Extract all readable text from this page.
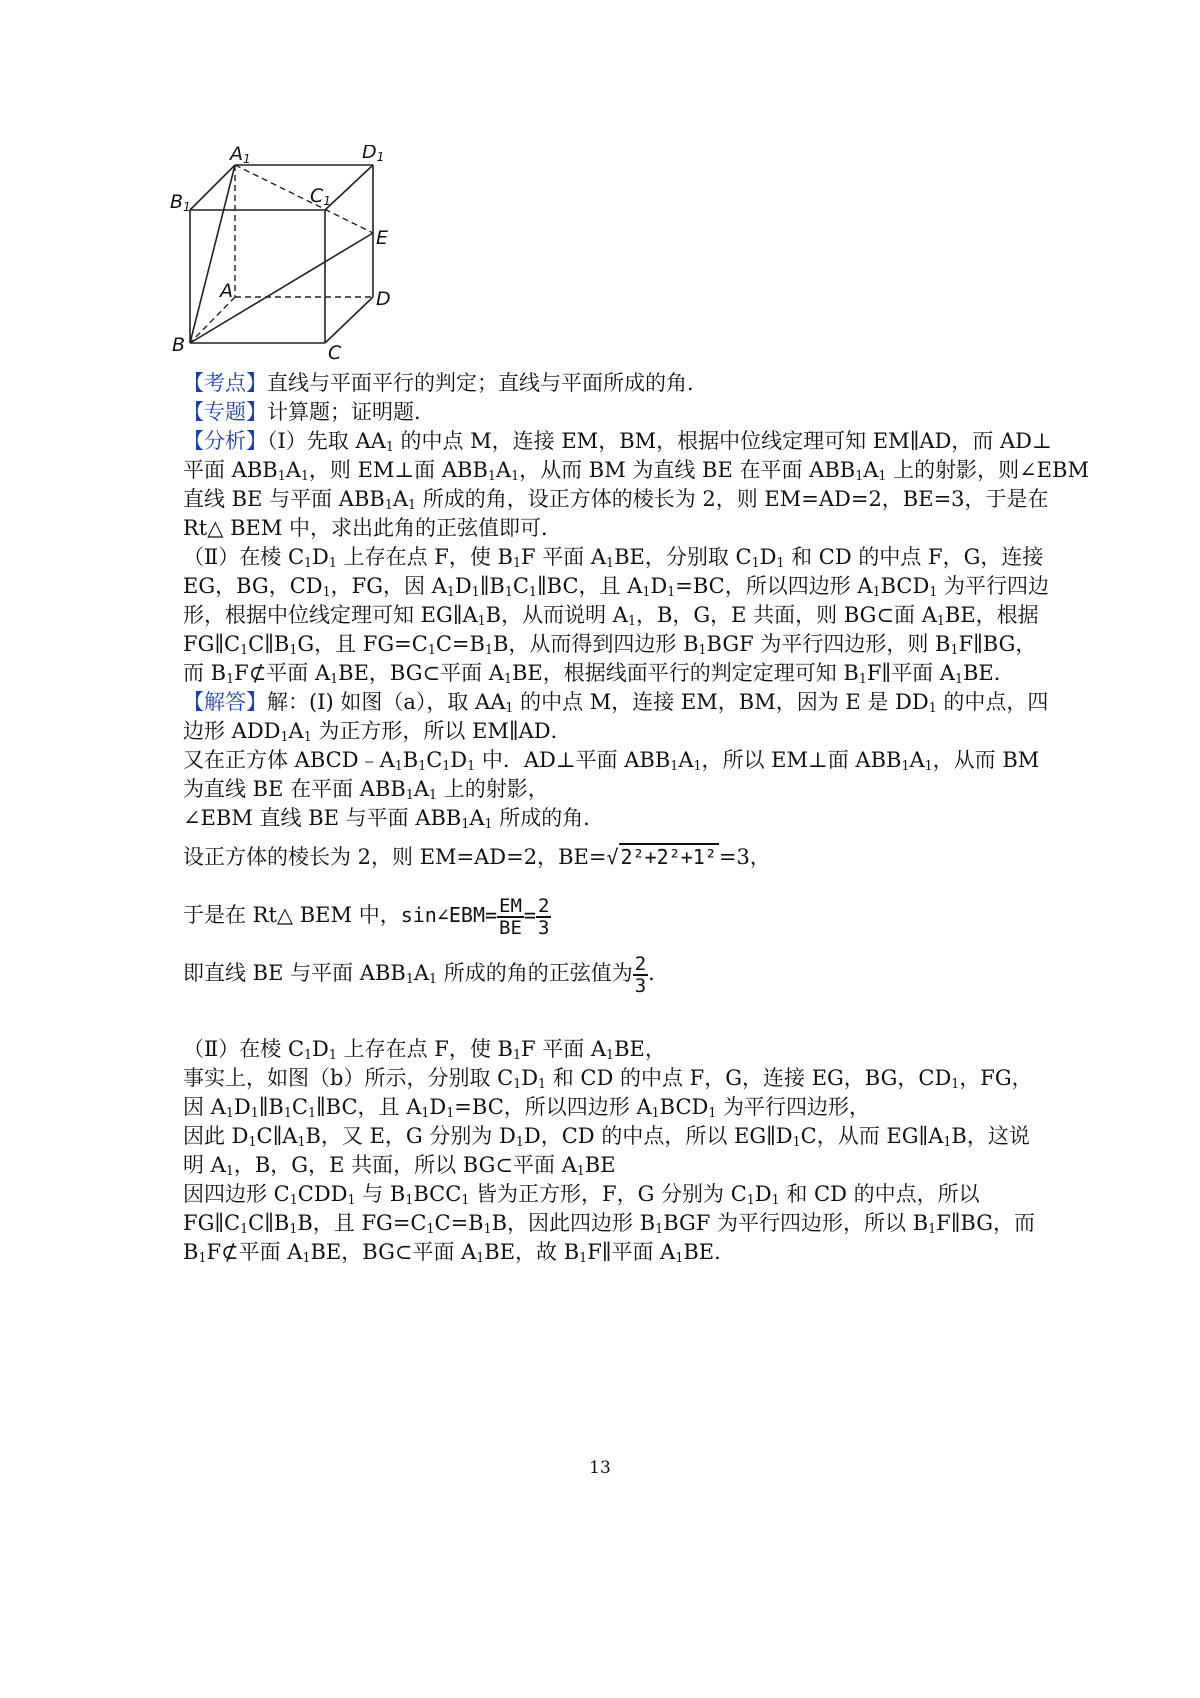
A1	D1
B1	C1
E
A	D
B	C
【考点】直线与平面平行的判定；直线与平面所成的角．
【专题】计算题；证明题．
【分析】（Ⅰ）先取 $AA_1$ 的中点 M，连接 EM，BM，根据中位线定理可知 EM∥AD，而 AD⊥
平面 $ABB_1A_1$，则 EM⊥面 $ABB_1A_1$，从而 BM 为直线 BE 在平面 $ABB_1A_1$ 上的射影，则∠EBM
直线 BE 与平面 $ABB_1A_1$ 所成的角，设正方体的棱长为 2，则 EM=AD=2，BE=3，于是在
Rt△ BEM 中，求出此角的正弦值即可．
（Ⅱ）在棱 $C_1D_1$ 上存在点 F，使 $B_1F$ 平面 $A_1BE$，分别取 $C_1D_1$ 和 CD 的中点 F，G，连接
EG，BG，$CD_1$，FG，因 $A_1D_1\parallel B_1C_1\parallel BC$，且 $A_1D_1=BC$，所以四边形 $A_1BCD_1$ 为平行四边
形，根据中位线定理可知 $EG\parallel A_1B$，从而说明 $A_1$，B，G，E 共面，则 BG⊂面 $A_1BE$，根据
$FG\parallel C_1C\parallel B_1G$，且 $FG=C_1C=B_1B$，从而得到四边形 $B_1BGF$ 为平行四边形，则 $B_1F\parallel BG$，
而 $B_1F⊄$平面 $A_1BE$，BG⊂平面 $A_1BE$，根据线面平行的判定定理可知 $B_1F\parallel$平面 $A_1BE$．
【解答】解：(I) 如图（a），取 $AA_1$ 的中点 M，连接 EM，BM，因为 E 是 $DD_1$ 的中点，四
边形 $ADD_1A_1$ 为正方形，所以 EM∥AD．
又在正方体 $ABCD﹣A_1B_1C_1D_1$ 中．AD⊥平面 $ABB_1A_1$，所以 EM⊥面 $ABB_1A_1$，从而 BM
为直线 BE 在平面 $ABB_1A_1$ 上的射影，
∠EBM 直线 BE 与平面 $ABB_1A_1$ 所成的角．
设正方体的棱长为 2，则 EM=AD=2，BE=√ 2²+2²+1²=3，
于是在 Rt△ BEM 中，sin∠EBM= $\frac{EM}{BE} = \frac{2}{3}$
即直线 BE 与平面 $ABB_1A_1$ 所成的角的正弦值为 $\frac{2}{3}$ ．
（Ⅱ）在棱 $C_1D_1$ 上存在点 F，使 $B_1F$ 平面 $A_1BE$，
事实上，如图（b）所示，分别取 $C_1D_1$ 和 CD 的中点 F，G，连接 EG，BG，$CD_1$，FG，
因 $A_1D_1\parallel B_1C_1\parallel BC$，且 $A_1D_1=BC$，所以四边形 $A_1BCD_1$ 为平行四边形，
因此 $D_1C\parallel A_1B$，又 E，G 分别为 $D_1D$，CD 的中点，所以 $EG\parallel D_1C$，从而 $EG\parallel A_1B$，这说
明 $A_1$，B，G，E 共面，所以 BG⊂平面 $A_1BE$
因四边形 $C_1CDD_1$ 与 $B_1BCC_1$ 皆为正方形，F，G 分别为 $C_1D_1$ 和 CD 的中点，所以
$FG\parallel C_1C\parallel B_1B$，且 $FG=C_1C=B_1B$，因此四边形 $B_1BGF$ 为平行四边形，所以 $B_1F\parallel BG$，而
$B_1F⊄$平面 $A_1BE$，BG⊂平面 $A_1BE$，故 $B_1F\parallel$平面 $A_1BE$．
13
